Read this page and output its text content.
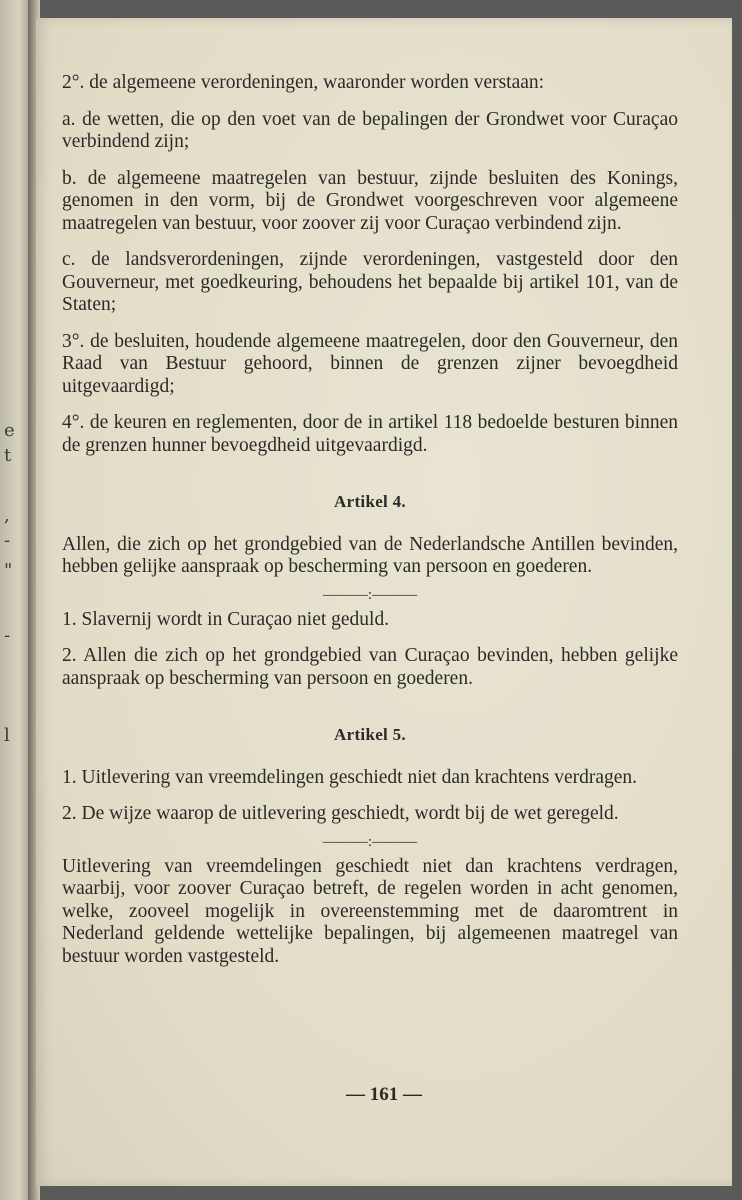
e
t
,
-
"
-
l
2°. de algemeene verordeningen, waaronder worden verstaan:
a. de wetten, die op den voet van de bepalingen der Grondwet voor Curaçao verbindend zijn;
b. de algemeene maatregelen van bestuur, zijnde besluiten des Konings, genomen in den vorm, bij de Grondwet voorgeschreven voor algemeene maatregelen van bestuur, voor zoover zij voor Curaçao verbindend zijn.
c. de landsverordeningen, zijnde verordeningen, vastgesteld door den Gouverneur, met goedkeuring, behoudens het bepaalde bij artikel 101, van de Staten;
3°. de besluiten, houdende algemeene maatregelen, door den Gouverneur, den Raad van Bestuur gehoord, binnen de grenzen zijner bevoegdheid uitgevaardigd;
4°. de keuren en reglementen, door de in artikel 118 bedoelde besturen binnen de grenzen hunner bevoegdheid uitgevaardigd.
Artikel 4.
Allen, die zich op het grondgebied van de Nederlandsche Antillen bevinden, hebben gelijke aanspraak op bescherming van persoon en goederen.
———:———
1. Slavernij wordt in Curaçao niet geduld.
2. Allen die zich op het grondgebied van Curaçao bevinden, hebben gelijke aanspraak op bescherming van persoon en goederen.
Artikel 5.
1. Uitlevering van vreemdelingen geschiedt niet dan krachtens verdragen.
2. De wijze waarop de uitlevering geschiedt, wordt bij de wet geregeld.
———:———
Uitlevering van vreemdelingen geschiedt niet dan krachtens verdragen, waarbij, voor zoover Curaçao betreft, de regelen worden in acht genomen, welke, zooveel mogelijk in overeenstemming met de daaromtrent in Nederland geldende wettelijke bepalingen, bij algemeenen maatregel van bestuur worden vastgesteld.
— 161 —
